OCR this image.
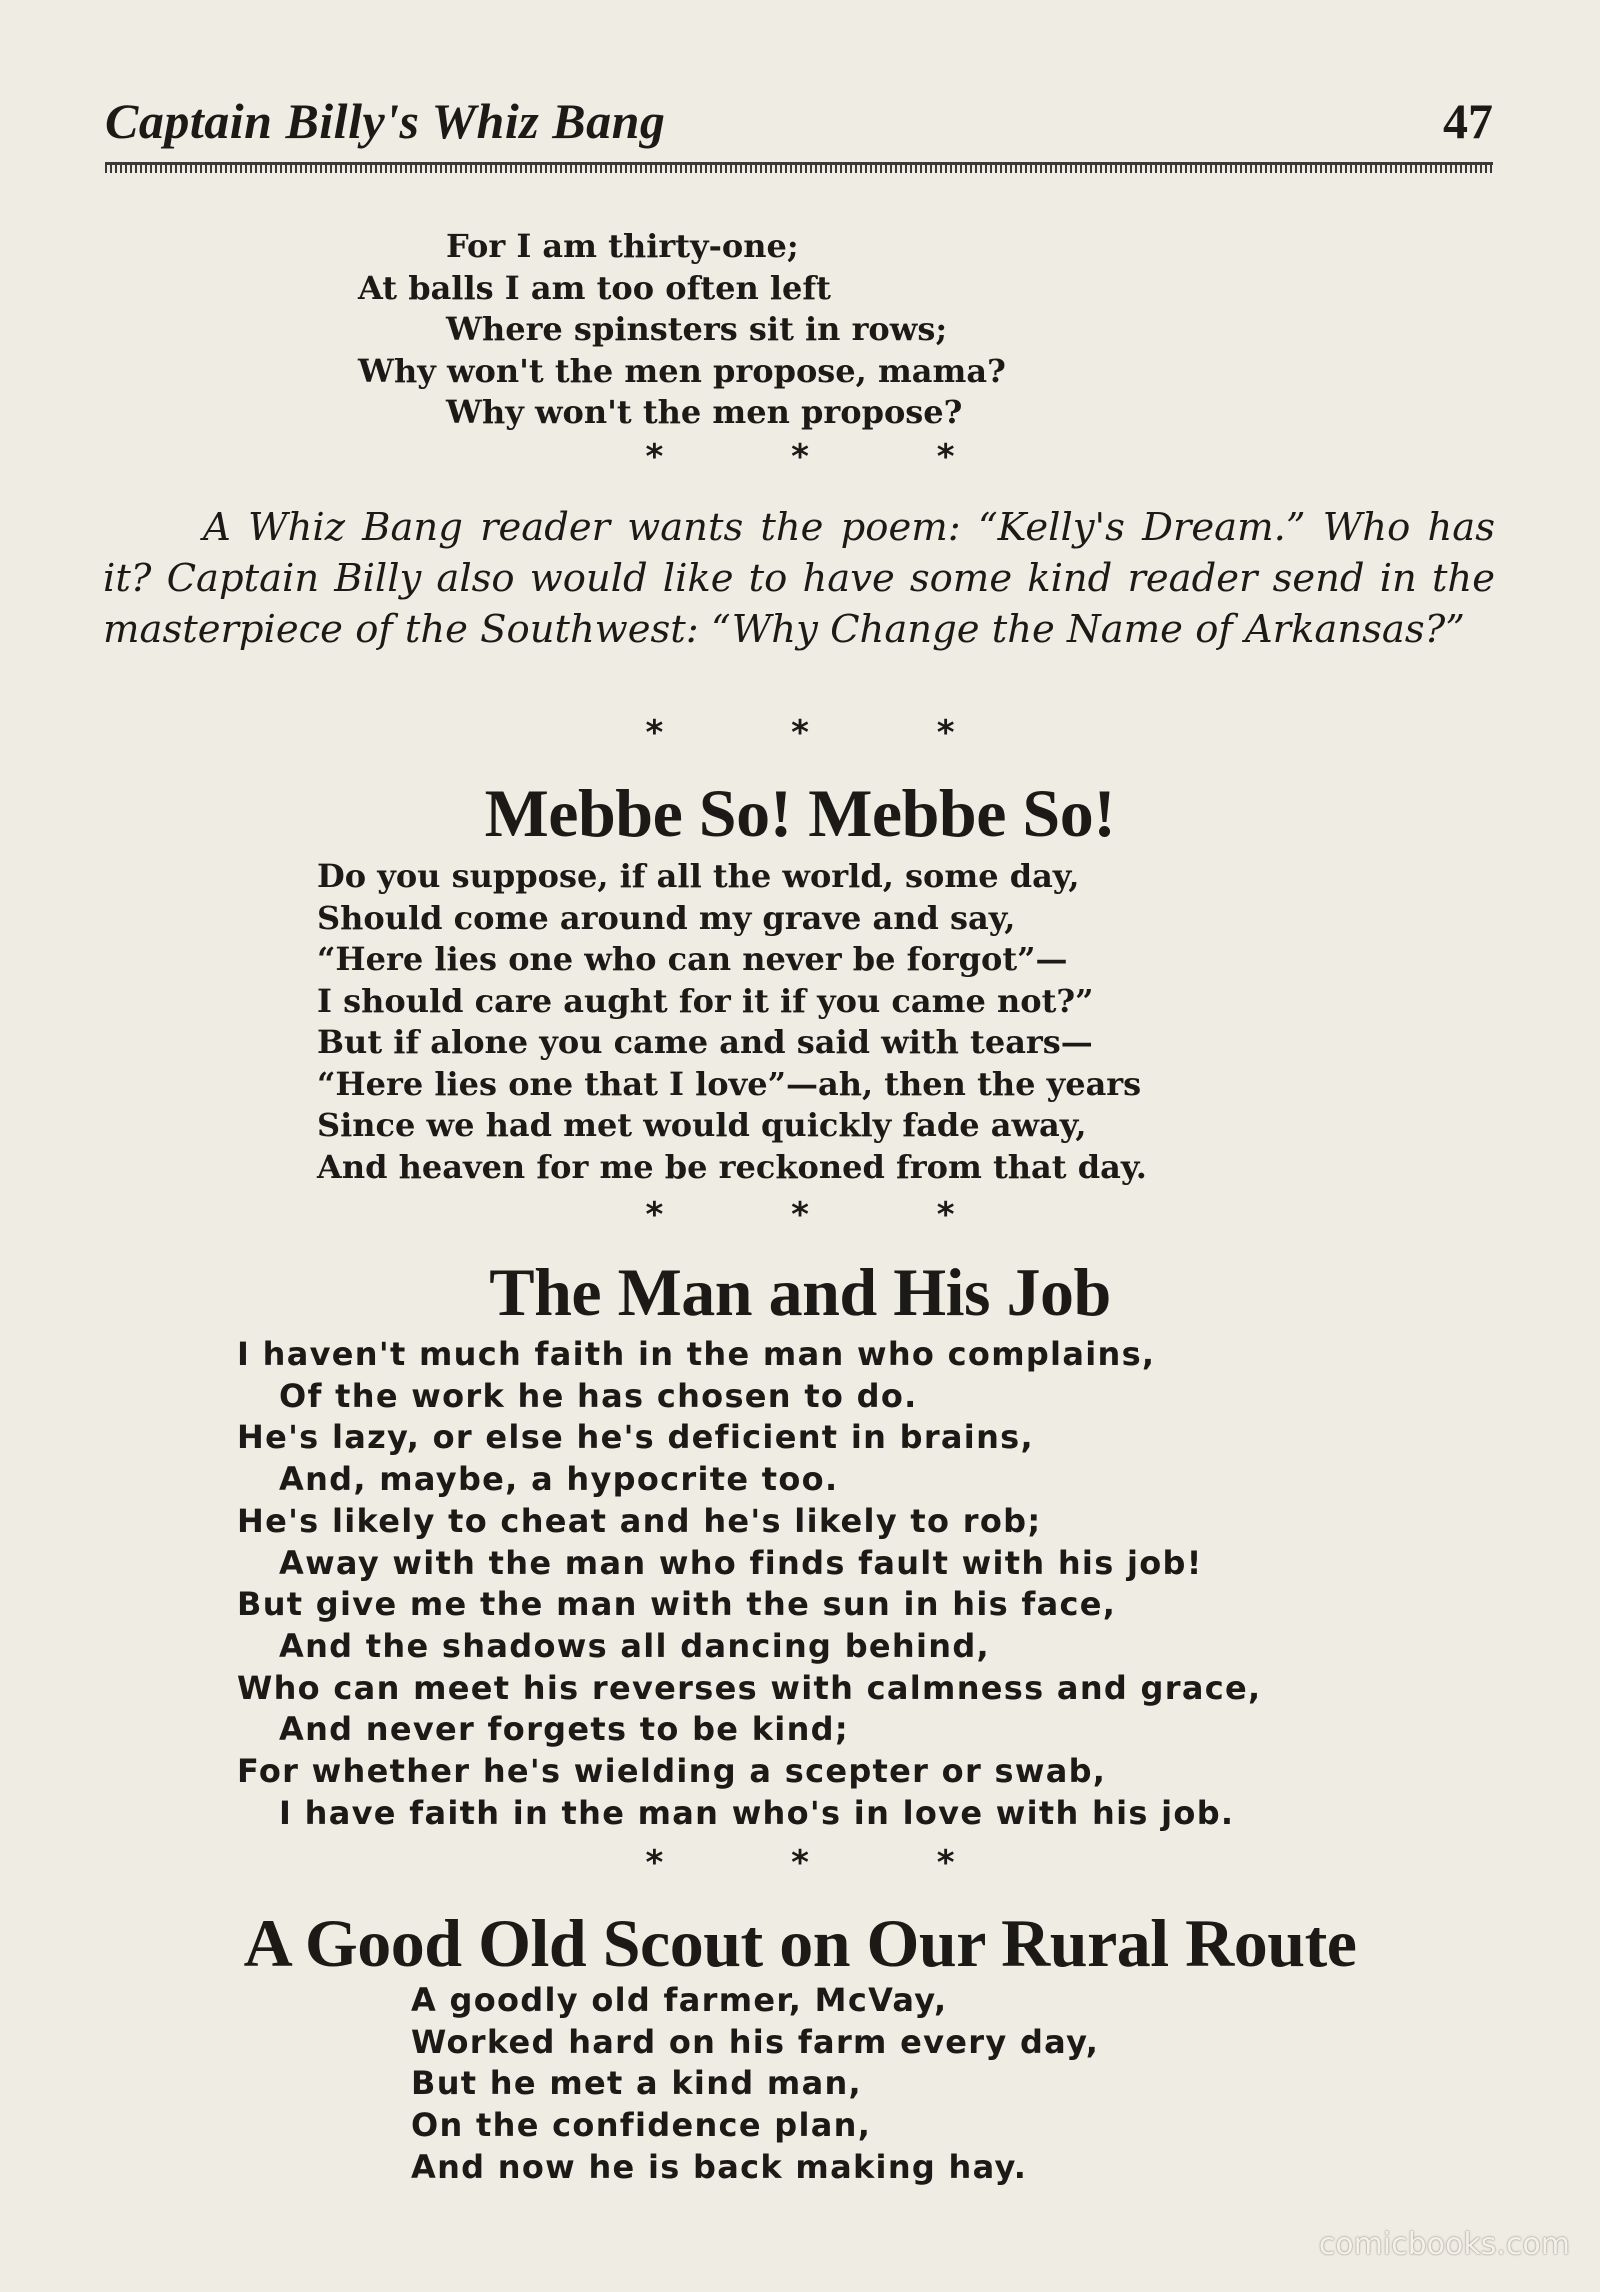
Captain Billy's Whiz Bang	47
For I am thirty-one;
At balls I am too often left
Where spinsters sit in rows;
Why won't the men propose, mama?
Why won't the men propose?
* * *

A Whiz Bang reader wants the poem: “Kelly's Dream.” Who has it? Captain Billy also would like to have some kind reader send in the masterpiece of the Southwest: “Why Change the Name of Arkansas?”

* * *
Mebbe So! Mebbe So!
Do you suppose, if all the world, some day,
Should come around my grave and say,
“Here lies one who can never be forgot”—
I should care aught for it if you came not?”
But if alone you came and said with tears—
“Here lies one that I love”—ah, then the years
Since we had met would quickly fade away,
And heaven for me be reckoned from that day.
* * *
The Man and His Job
I haven't much faith in the man who complains,
Of the work he has chosen to do.
He's lazy, or else he's deficient in brains,
And, maybe, a hypocrite too.
He's likely to cheat and he's likely to rob;
Away with the man who finds fault with his job!
But give me the man with the sun in his face,
And the shadows all dancing behind,
Who can meet his reverses with calmness and grace,
And never forgets to be kind;
For whether he's wielding a scepter or swab,
I have faith in the man who's in love with his job.
* * *
A Good Old Scout on Our Rural Route
A goodly old farmer, McVay,
Worked hard on his farm every day,
But he met a kind man,
On the confidence plan,
And now he is back making hay.
comicbooks.com
